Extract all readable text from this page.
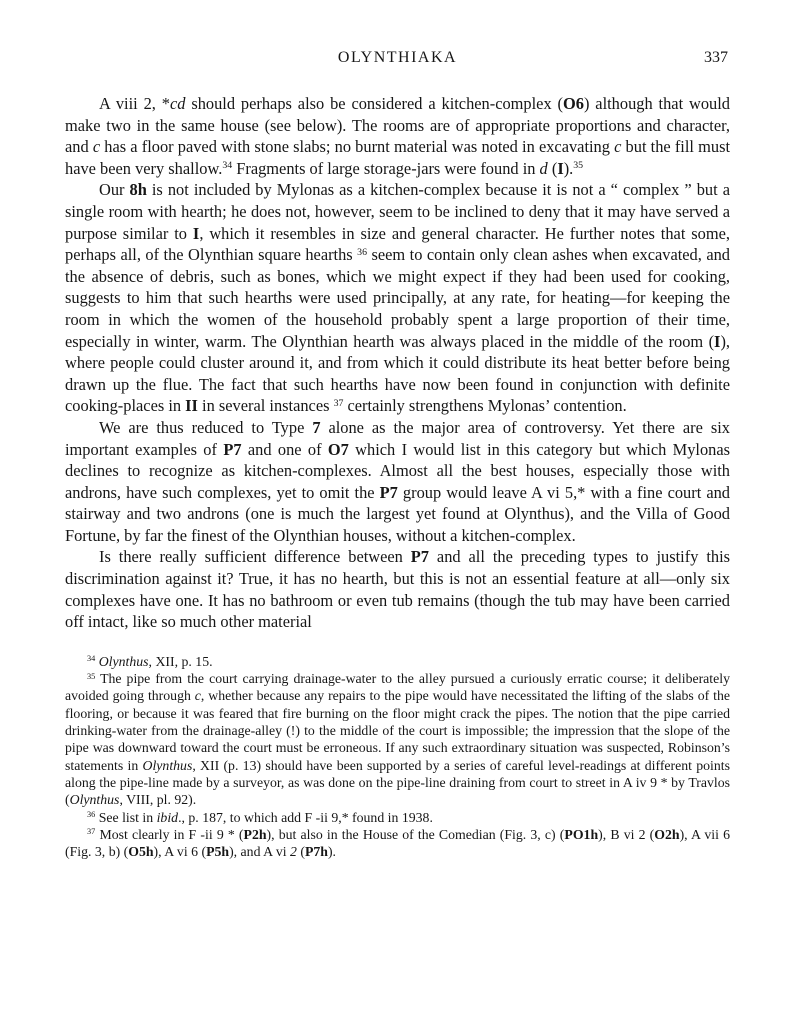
OLYNTHIAKA	337

A viii 2, *cd should perhaps also be considered a kitchen-complex (O6) although that would make two in the same house (see below). The rooms are of appropriate proportions and character, and c has a floor paved with stone slabs; no burnt material was noted in excavating c but the fill must have been very shallow.$^{34}$ Fragments of large storage-jars were found in d (I).$^{35}$

Our 8h is not included by Mylonas as a kitchen-complex because it is not a “ complex ” but a single room with hearth; he does not, however, seem to be inclined to deny that it may have served a purpose similar to I, which it resembles in size and general character. He further notes that some, perhaps all, of the Olynthian square hearths $^{36}$ seem to contain only clean ashes when excavated, and the absence of debris, such as bones, which we might expect if they had been used for cooking, suggests to him that such hearths were used principally, at any rate, for heating—for keeping the room in which the women of the household probably spent a large proportion of their time, especially in winter, warm. The Olynthian hearth was always placed in the middle of the room (I), where people could cluster around it, and from which it could distribute its heat better before being drawn up the flue. The fact that such hearths have now been found in conjunction with definite cooking-places in II in several instances $^{37}$ certainly strengthens Mylonas’ contention.

We are thus reduced to Type 7 alone as the major area of controversy. Yet there are six important examples of P7 and one of O7 which I would list in this category but which Mylonas declines to recognize as kitchen-complexes. Almost all the best houses, especially those with androns, have such complexes, yet to omit the P7 group would leave A vi 5,* with a fine court and stairway and two androns (one is much the largest yet found at Olynthus), and the Villa of Good Fortune, by far the finest of the Olynthian houses, without a kitchen-complex.

Is there really sufficient difference between P7 and all the preceding types to justify this discrimination against it? True, it has no hearth, but this is not an essential feature at all—only six complexes have one. It has no bathroom or even tub remains (though the tub may have been carried off intact, like so much other material

$^{34}$ Olynthus, XII, p. 15.

$^{35}$ The pipe from the court carrying drainage-water to the alley pursued a curiously erratic course; it deliberately avoided going through c, whether because any repairs to the pipe would have necessitated the lifting of the slabs of the flooring, or because it was feared that fire burning on the floor might crack the pipes. The notion that the pipe carried drinking-water from the drainage-alley (!) to the middle of the court is impossible; the impression that the slope of the pipe was downward toward the court must be erroneous. If any such extraordinary situation was suspected, Robinson’s statements in Olynthus, XII (p. 13) should have been supported by a series of careful level-readings at different points along the pipe-line made by a surveyor, as was done on the pipe-line draining from court to street in A iv 9 * by Travlos (Olynthus, VIII, pl. 92).

$^{36}$ See list in ibid., p. 187, to which add F -ii 9,* found in 1938.

$^{37}$ Most clearly in F -ii 9 * (P2h), but also in the House of the Comedian (Fig. 3, c) (PO1h), B vi 2 (O2h), A vii 6 (Fig. 3, b) (O5h), A vi 6 (P5h), and A vi 2 (P7h).
